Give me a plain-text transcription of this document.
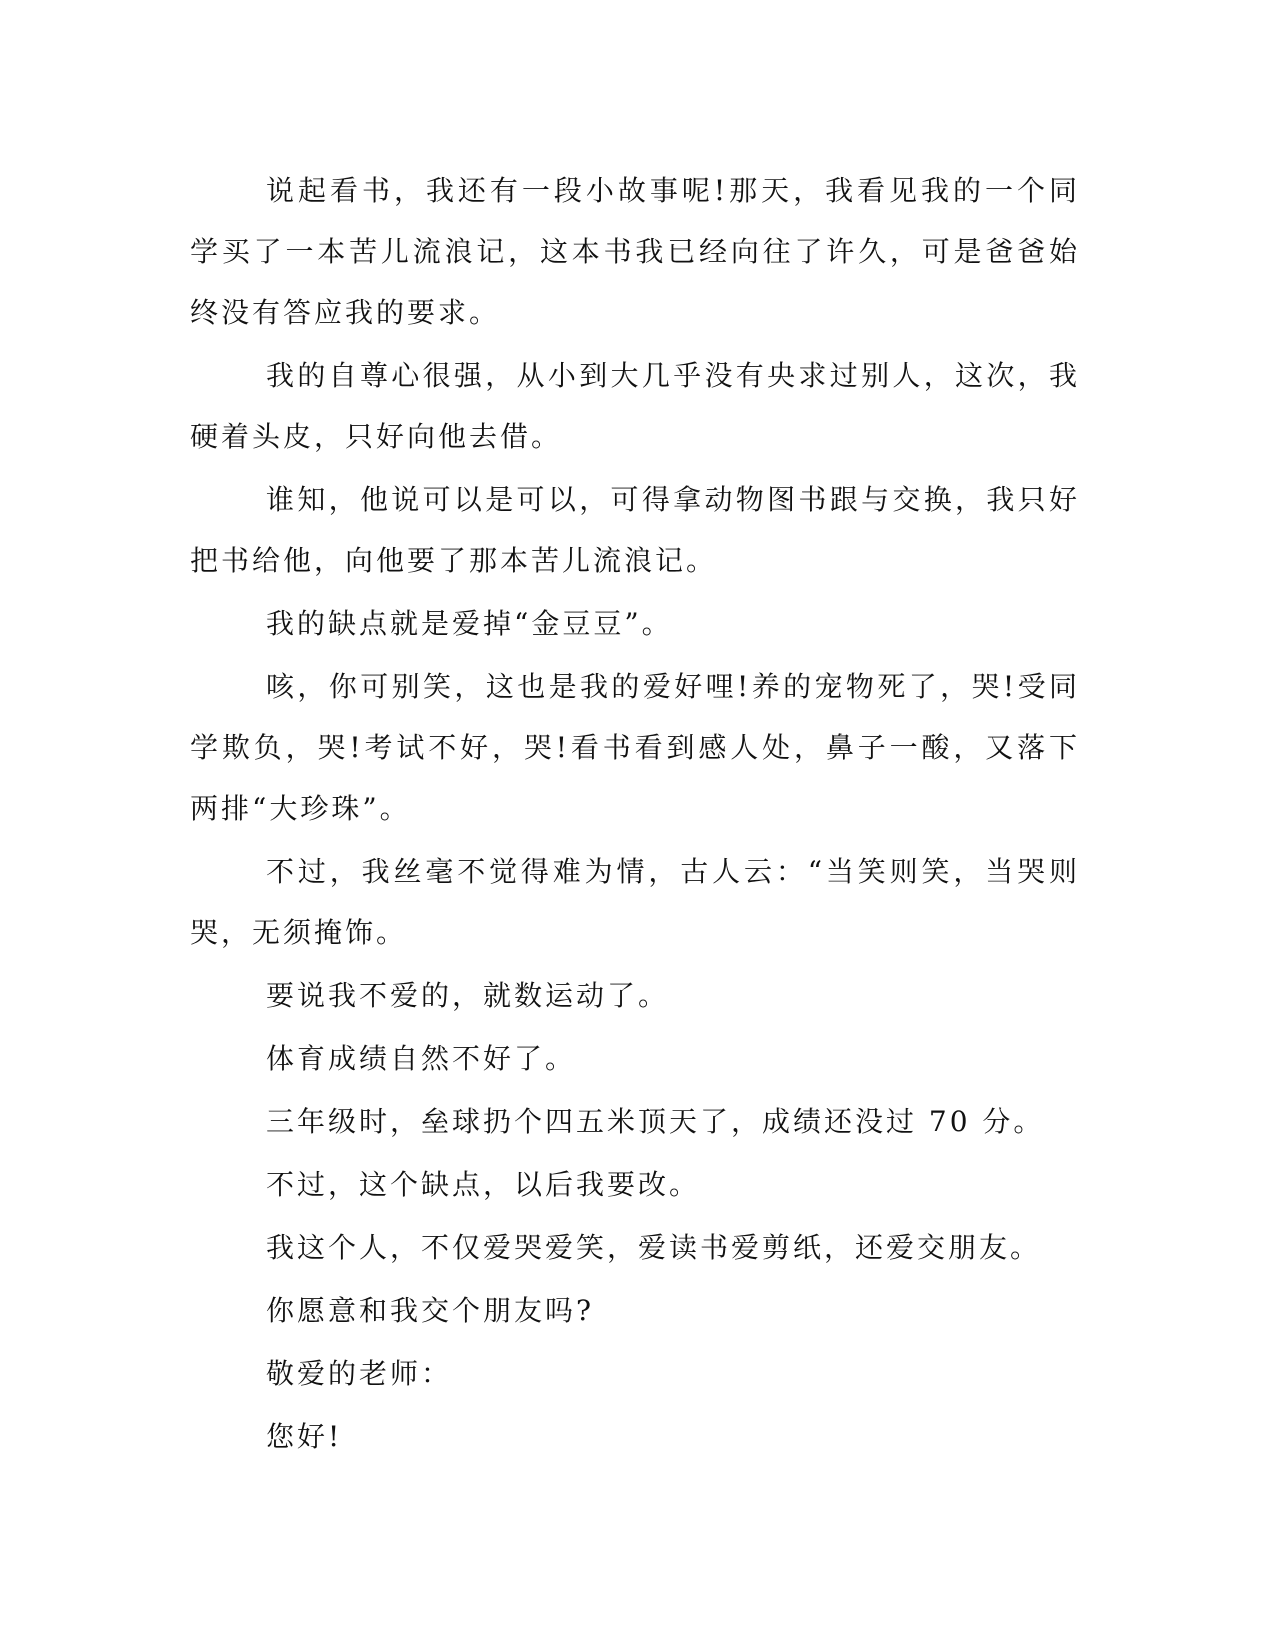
说起看书，我还有一段小故事呢!那天，我看见我的一个同学买了一本苦儿流浪记，这本书我已经向往了许久，可是爸爸始终没有答应我的要求。

我的自尊心很强，从小到大几乎没有央求过别人，这次，我硬着头皮，只好向他去借。

谁知，他说可以是可以，可得拿动物图书跟与交换，我只好把书给他，向他要了那本苦儿流浪记。

我的缺点就是爱掉“金豆豆”。

咳，你可别笑，这也是我的爱好哩!养的宠物死了，哭!受同学欺负，哭!考试不好，哭!看书看到感人处，鼻子一酸，又落下两排“大珍珠”。

不过，我丝毫不觉得难为情，古人云：“当笑则笑，当哭则哭，无须掩饰。

要说我不爱的，就数运动了。

体育成绩自然不好了。

三年级时，垒球扔个四五米顶天了，成绩还没过 70 分。

不过，这个缺点，以后我要改。

我这个人，不仅爱哭爱笑，爱读书爱剪纸，还爱交朋友。

你愿意和我交个朋友吗?

敬爱的老师：

您好!
